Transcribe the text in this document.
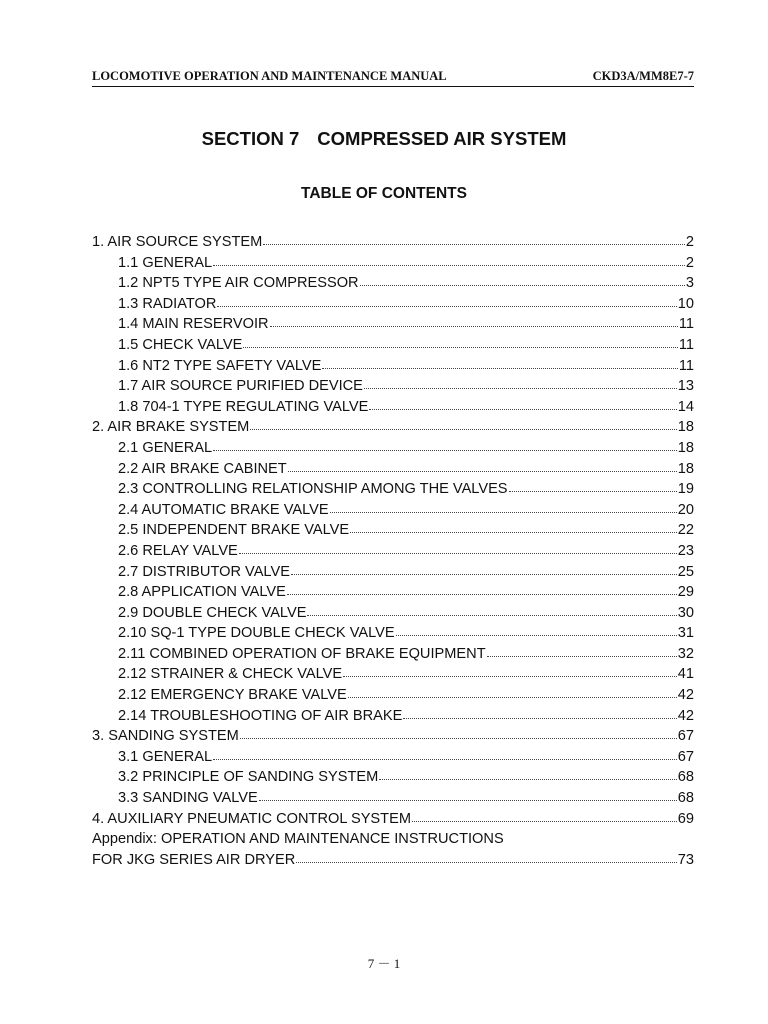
LOCOMOTIVE OPERATION AND MAINTENANCE MANUAL	CKD3A/MM8E7-7
SECTION 7 COMPRESSED AIR SYSTEM
TABLE OF CONTENTS
1. AIR SOURCE SYSTEM	2
1.1 GENERAL	2
1.2 NPT5 TYPE AIR COMPRESSOR	3
1.3 RADIATOR	10
1.4 MAIN RESERVOIR	11
1.5 CHECK VALVE	11
1.6 NT2 TYPE SAFETY VALVE	11
1.7 AIR SOURCE PURIFIED DEVICE	13
1.8 704-1 TYPE REGULATING VALVE	14
2. AIR BRAKE SYSTEM	18
2.1 GENERAL	18
2.2 AIR BRAKE CABINET	18
2.3 CONTROLLING RELATIONSHIP AMONG THE VALVES	19
2.4 AUTOMATIC BRAKE VALVE	20
2.5 INDEPENDENT BRAKE VALVE	22
2.6 RELAY VALVE	23
2.7 DISTRIBUTOR VALVE	25
2.8 APPLICATION VALVE	29
2.9 DOUBLE CHECK VALVE	30
2.10 SQ-1 TYPE DOUBLE CHECK VALVE	31
2.11 COMBINED OPERATION OF BRAKE EQUIPMENT	32
2.12 STRAINER & CHECK VALVE	41
2.12 EMERGENCY BRAKE VALVE	42
2.14 TROUBLESHOOTING OF AIR BRAKE	42
3. SANDING SYSTEM	67
3.1 GENERAL	67
3.2 PRINCIPLE OF SANDING SYSTEM	68
3.3 SANDING VALVE	68
4. AUXILIARY PNEUMATIC CONTROL SYSTEM	69
Appendix: OPERATION AND MAINTENANCE INSTRUCTIONS
FOR JKG SERIES AIR DRYER	73
7 － 1
